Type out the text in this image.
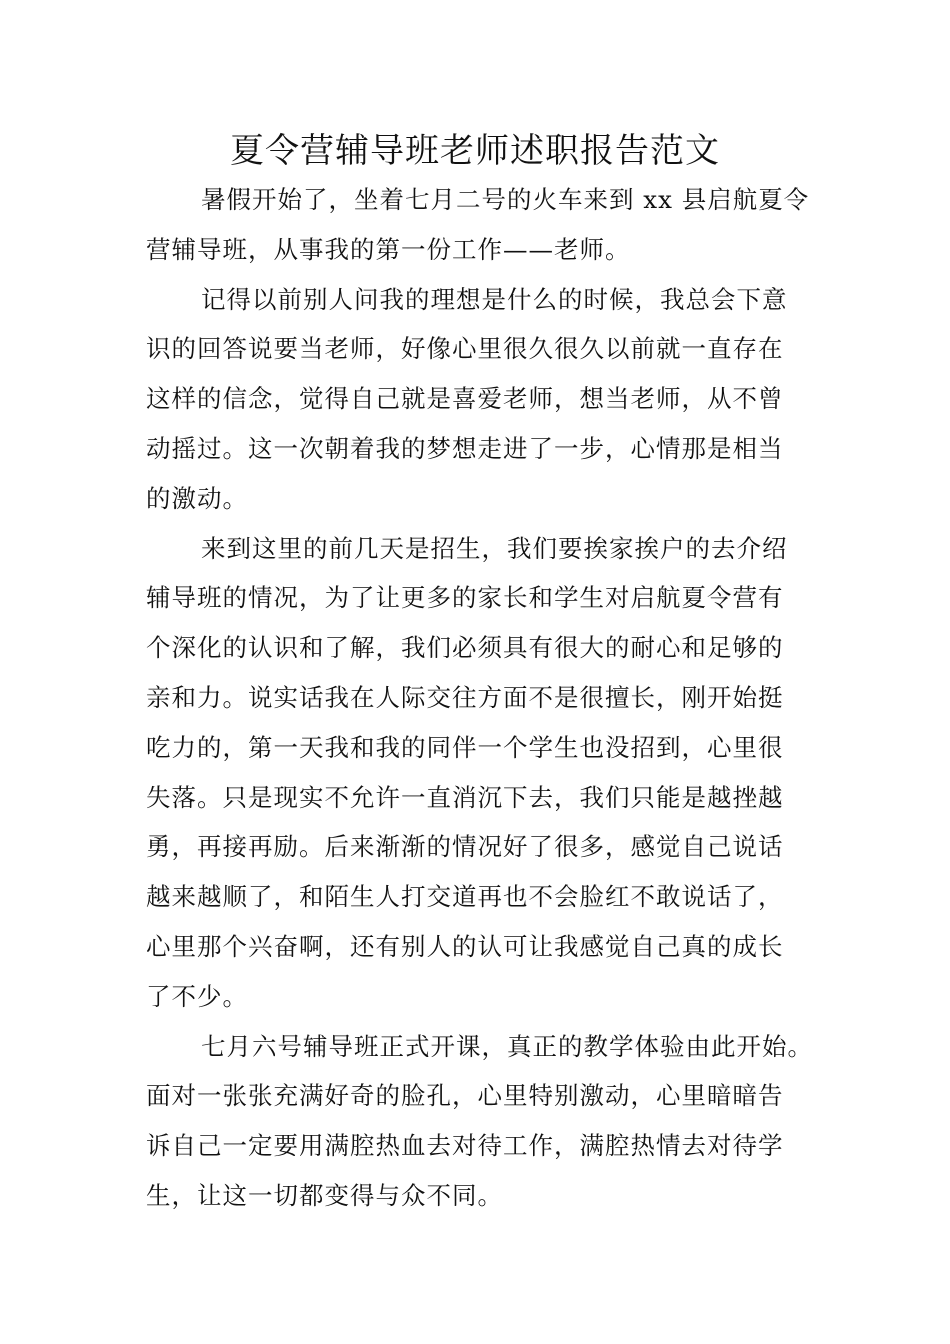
夏令营辅导班老师述职报告范文
暑假开始了，坐着七月二号的火车来到 xx 县启航夏令
营辅导班，从事我的第一份工作——老师。
记得以前别人问我的理想是什么的时候，我总会下意
识的回答说要当老师，好像心里很久很久以前就一直存在
这样的信念，觉得自己就是喜爱老师，想当老师，从不曾
动摇过。这一次朝着我的梦想走进了一步，心情那是相当
的激动。
来到这里的前几天是招生，我们要挨家挨户的去介绍
辅导班的情况，为了让更多的家长和学生对启航夏令营有
个深化的认识和了解，我们必须具有很大的耐心和足够的
亲和力。说实话我在人际交往方面不是很擅长，刚开始挺
吃力的，第一天我和我的同伴一个学生也没招到，心里很
失落。只是现实不允许一直消沉下去，我们只能是越挫越
勇，再接再励。后来渐渐的情况好了很多，感觉自己说话
越来越顺了，和陌生人打交道再也不会脸红不敢说话了，
心里那个兴奋啊，还有别人的认可让我感觉自己真的成长
了不少。
七月六号辅导班正式开课，真正的教学体验由此开始。
面对一张张充满好奇的脸孔，心里特别激动，心里暗暗告
诉自己一定要用满腔热血去对待工作，满腔热情去对待学
生，让这一切都变得与众不同。
